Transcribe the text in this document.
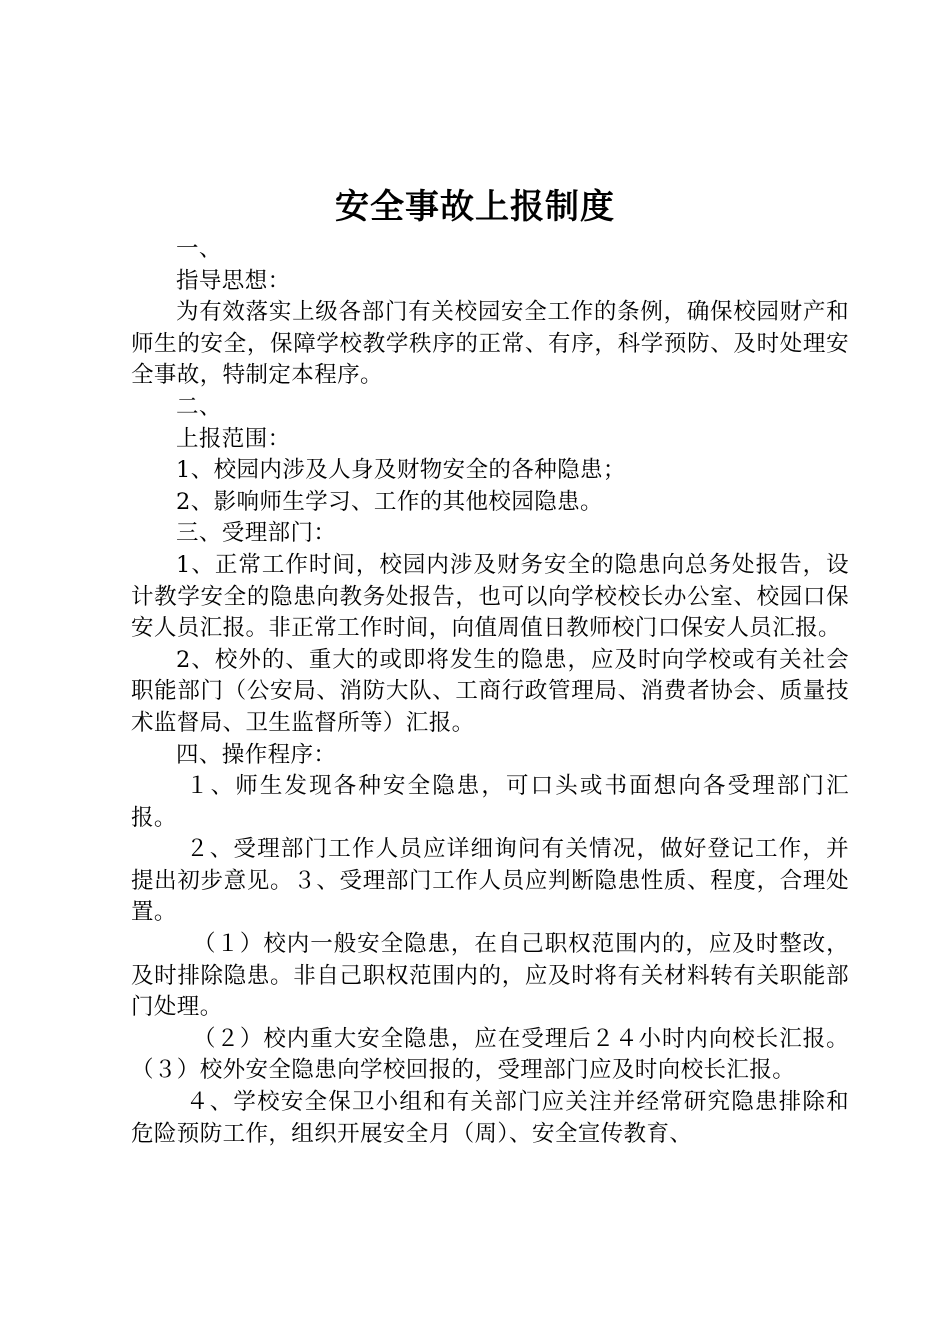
安全事故上报制度

一、

指导思想：

为有效落实上级各部门有关校园安全工作的条例，确保校园财产和师生的安全，保障学校教学秩序的正常、有序，科学预防、及时处理安全事故，特制定本程序。

二、

上报范围：

1、校园内涉及人身及财物安全的各种隐患；

2、影响师生学习、工作的其他校园隐患。

三、受理部门：

1、正常工作时间，校园内涉及财务安全的隐患向总务处报告，设计教学安全的隐患向教务处报告，也可以向学校校长办公室、校园口保安人员汇报。非正常工作时间，向值周值日教师校门口保安人员汇报。

2、校外的、重大的或即将发生的隐患，应及时向学校或有关社会职能部门（公安局、消防大队、工商行政管理局、消费者协会、质量技术监督局、卫生监督所等）汇报。

四、操作程序：

１、师生发现各种安全隐患，可口头或书面想向各受理部门汇报。

２、受理部门工作人员应详细询问有关情况，做好登记工作，并提出初步意见。３、受理部门工作人员应判断隐患性质、程度，合理处置。

（１）校内一般安全隐患，在自己职权范围内的，应及时整改，及时排除隐患。非自己职权范围内的，应及时将有关材料转有关职能部门处理。

（２）校内重大安全隐患，应在受理后２４小时内向校长汇报。（３）校外安全隐患向学校回报的，受理部门应及时向校长汇报。

４、学校安全保卫小组和有关部门应关注并经常研究隐患排除和危险预防工作，组织开展安全月（周）、安全宣传教育、
